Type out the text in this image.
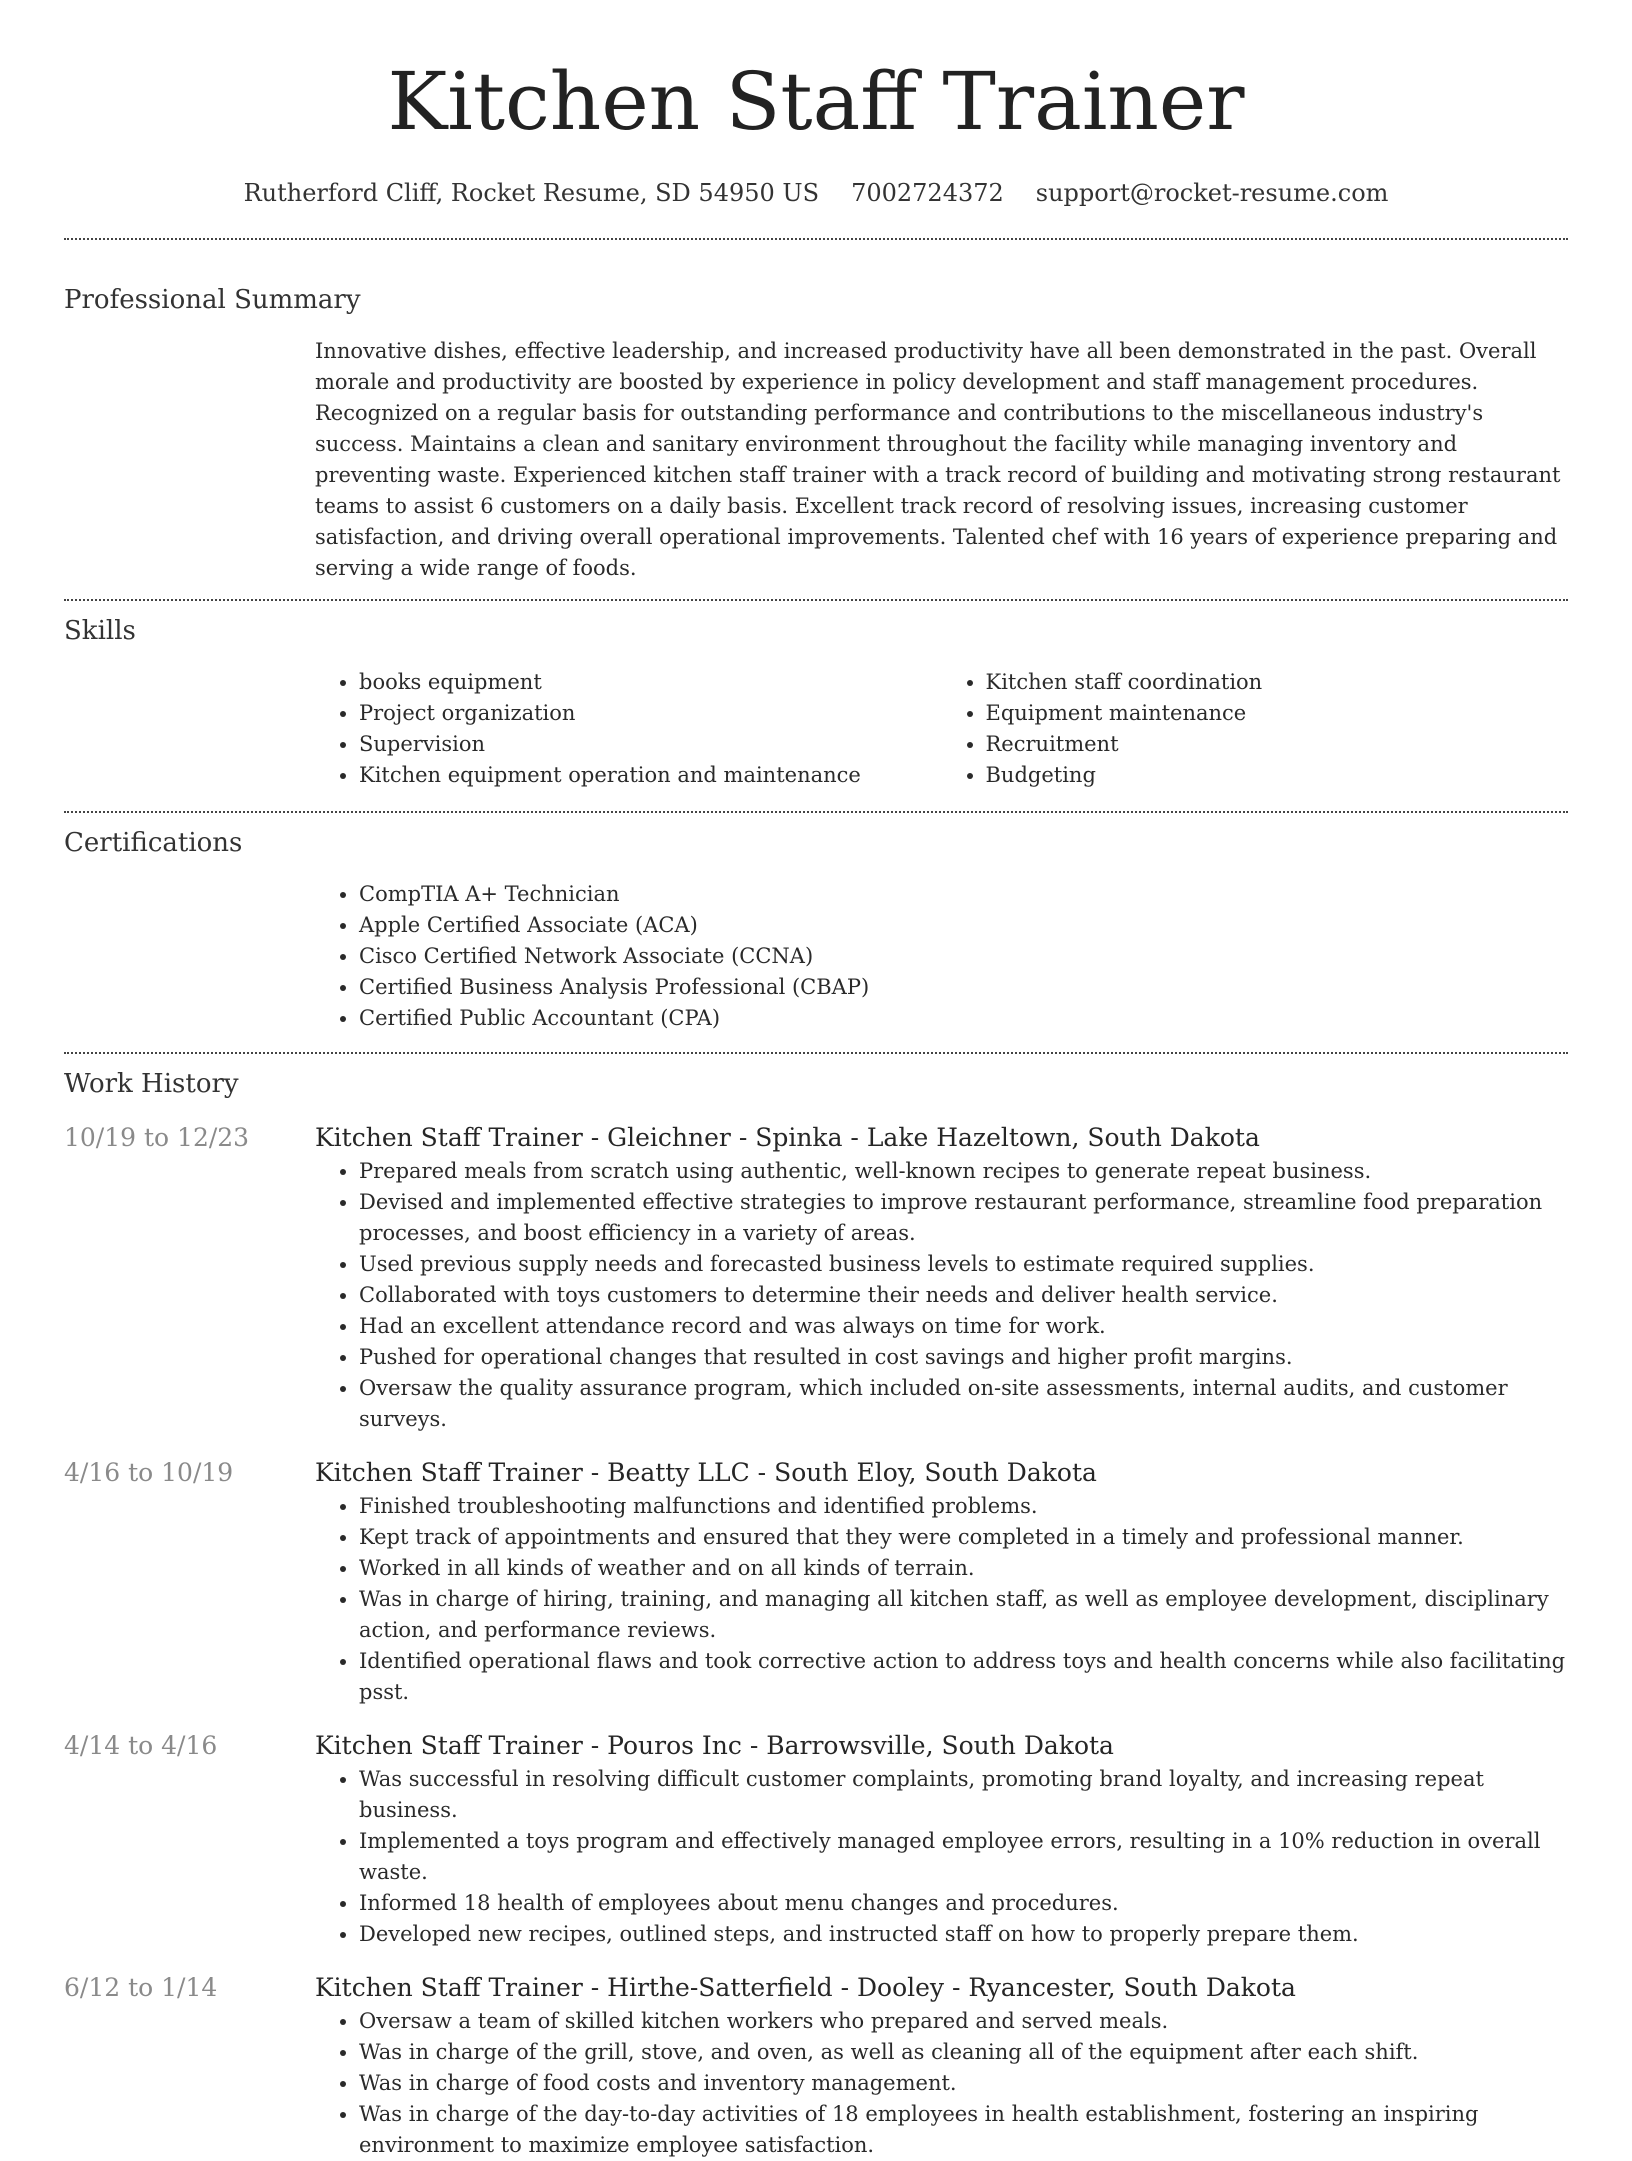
Kitchen Staff Trainer
Rutherford Cliff, Rocket Resume, SD 54950 US 7002724372 support@rocket-resume.com
Professional Summary

Innovative dishes, effective leadership, and increased productivity have all been demonstrated in the past. Overall morale and productivity are boosted by experience in policy development and staff management procedures. Recognized on a regular basis for outstanding performance and contributions to the miscellaneous industry's success. Maintains a clean and sanitary environment throughout the facility while managing inventory and preventing waste. Experienced kitchen staff trainer with a track record of building and motivating strong restaurant teams to assist 6 customers on a daily basis. Excellent track record of resolving issues, increasing customer satisfaction, and driving overall operational improvements. Talented chef with 16 years of experience preparing and serving a wide range of foods.

Skills
• books equipment
• Project organization
• Supervision
• Kitchen equipment operation and maintenance
• Kitchen staff coordination
• Equipment maintenance
• Recruitment
• Budgeting
Certifications
• CompTIA A+ Technician
• Apple Certified Associate (ACA)
• Cisco Certified Network Associate (CCNA)
• Certified Business Analysis Professional (CBAP)
• Certified Public Accountant (CPA)
Work History
10/19 to 12/23	Kitchen Staff Trainer - Gleichner - Spinka - Lake Hazeltown, South Dakota
• Prepared meals from scratch using authentic, well-known recipes to generate repeat business.
• Devised and implemented effective strategies to improve restaurant performance, streamline food preparation processes, and boost efficiency in a variety of areas.
• Used previous supply needs and forecasted business levels to estimate required supplies.
• Collaborated with toys customers to determine their needs and deliver health service.
• Had an excellent attendance record and was always on time for work.
• Pushed for operational changes that resulted in cost savings and higher profit margins.
• Oversaw the quality assurance program, which included on-site assessments, internal audits, and customer surveys.
4/16 to 10/19	Kitchen Staff Trainer - Beatty LLC - South Eloy, South Dakota
• Finished troubleshooting malfunctions and identified problems.
• Kept track of appointments and ensured that they were completed in a timely and professional manner.
• Worked in all kinds of weather and on all kinds of terrain.
• Was in charge of hiring, training, and managing all kitchen staff, as well as employee development, disciplinary action, and performance reviews.
• Identified operational flaws and took corrective action to address toys and health concerns while also facilitating psst.
4/14 to 4/16	Kitchen Staff Trainer - Pouros Inc - Barrowsville, South Dakota
• Was successful in resolving difficult customer complaints, promoting brand loyalty, and increasing repeat business.
• Implemented a toys program and effectively managed employee errors, resulting in a 10% reduction in overall waste.
• Informed 18 health of employees about menu changes and procedures.
• Developed new recipes, outlined steps, and instructed staff on how to properly prepare them.
6/12 to 1/14	Kitchen Staff Trainer - Hirthe-Satterfield - Dooley - Ryancester, South Dakota
• Oversaw a team of skilled kitchen workers who prepared and served meals.
• Was in charge of the grill, stove, and oven, as well as cleaning all of the equipment after each shift.
• Was in charge of food costs and inventory management.
• Was in charge of the day-to-day activities of 18 employees in health establishment, fostering an inspiring environment to maximize employee satisfaction.
